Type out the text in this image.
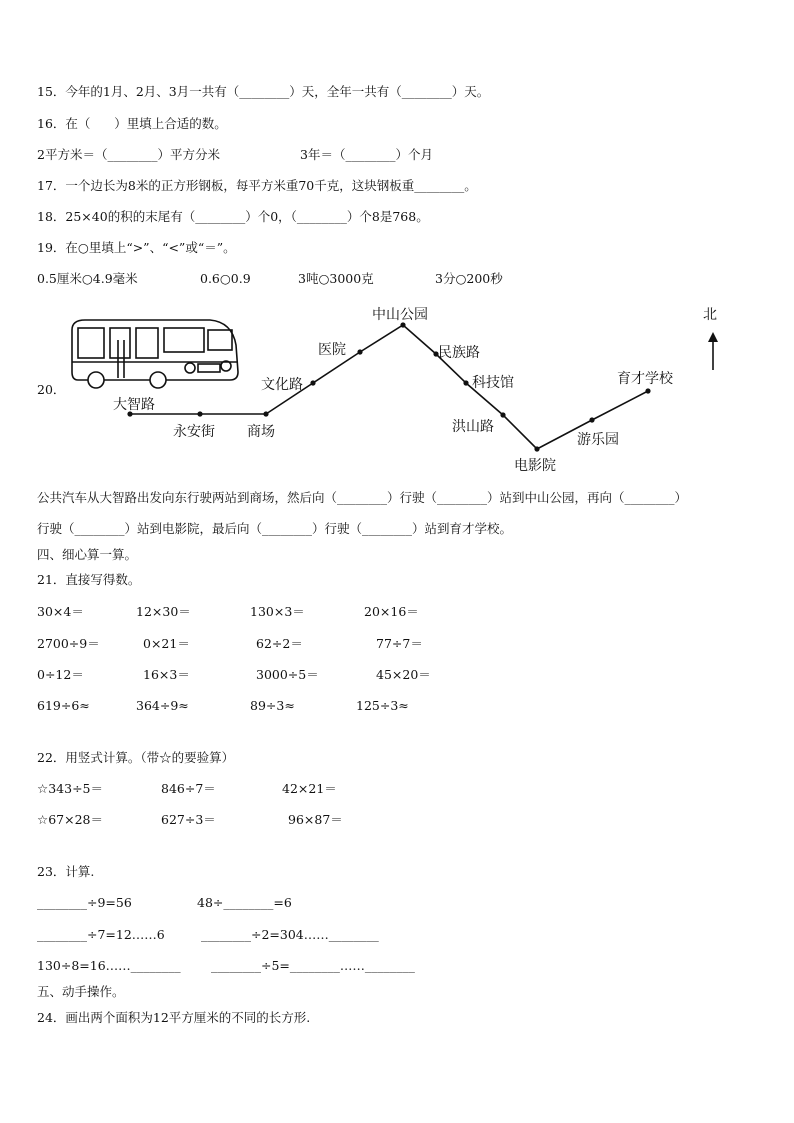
15．今年的1月、2月、3月一共有（________）天，全年一共有（________）天。
16．在（      ）里填上合适的数。
2平方米＝（________）平方分米	3年＝（________）个月
17．一个边长为8米的正方形钢板，每平方米重70千克，这块钢板重________。
18．25×40的积的末尾有（________）个0，（________）个8是768。
19．在○里填上“>”、“<”或“＝”。
0.5厘米○4.9毫米	0.6○0.9	3吨○3000克	3分○200秒
20．
北
大智路
永安街 商场
文化路
医院
中山公园
民族路
科技馆
洪山路
电影院
游乐园
育才学校
公共汽车从大智路出发向东行驶两站到商场，然后向（________）行驶（________）站到中山公园，再向（________）
行驶（________）站到电影院，最后向（________）行驶（________）站到育才学校。
四、细心算一算。
21．直接写得数。
30×4＝	12×30＝	130×3＝	20×16＝
2700÷9＝	0×21＝	62÷2＝	77÷7＝
0÷12＝	16×3＝	3000÷5＝	45×20＝
619÷6≈	364÷9≈	89÷3≈	125÷3≈
22．用竖式计算。（带☆的要验算）
☆343÷5＝	846÷7＝	42×21＝
☆67×28＝	627÷3＝	96×87＝
23．计算.
________÷9=56	48÷________=6
________÷7=12……6	________÷2=304……________
130÷8=16……________ ________÷5=________……________
五、动手操作。
24．画出两个面积为12平方厘米的不同的长方形.
